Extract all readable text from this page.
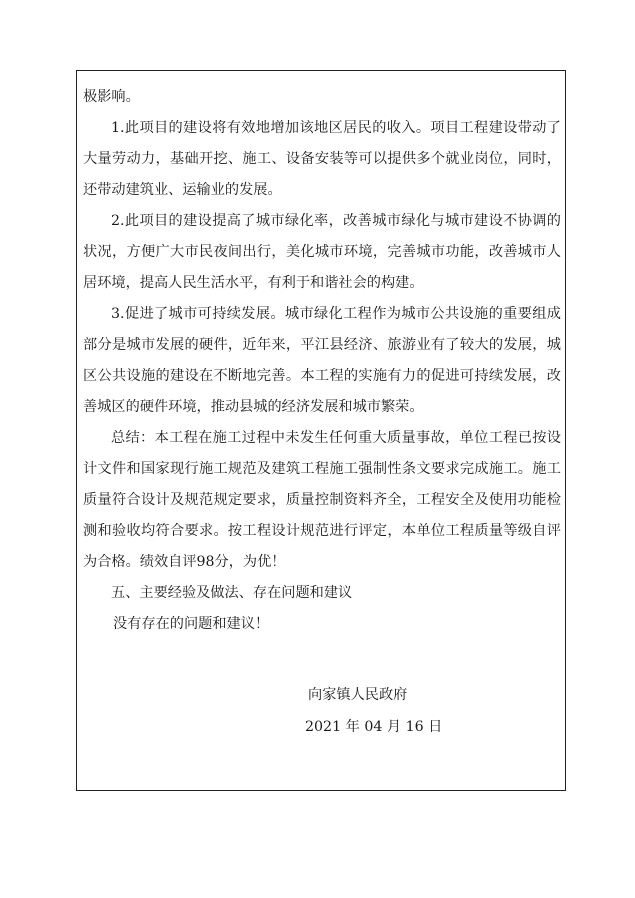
极影响。

1.此项目的建设将有效地增加该地区居民的收入。项目工程建设带动了大量劳动力，基础开挖、施工、设备安装等可以提供多个就业岗位，同时，还带动建筑业、运输业的发展。

2.此项目的建设提高了城市绿化率，改善城市绿化与城市建设不协调的状况，方便广大市民夜间出行，美化城市环境，完善城市功能，改善城市人居环境，提高人民生活水平，有利于和谐社会的构建。

3.促进了城市可持续发展。城市绿化工程作为城市公共设施的重要组成部分是城市发展的硬件，近年来，平江县经济、旅游业有了较大的发展，城区公共设施的建设在不断地完善。本工程的实施有力的促进可持续发展，改善城区的硬件环境，推动县城的经济发展和城市繁荣。

总结：本工程在施工过程中未发生任何重大质量事故，单位工程已按设计文件和国家现行施工规范及建筑工程施工强制性条文要求完成施工。施工质量符合设计及规范规定要求，质量控制资料齐全，工程安全及使用功能检测和验收均符合要求。按工程设计规范进行评定，本单位工程质量等级自评为合格。绩效自评98分，为优！

五、主要经验及做法、存在问题和建议

没有存在的问题和建议！

向家镇人民政府
2021 年 04 月 16 日
